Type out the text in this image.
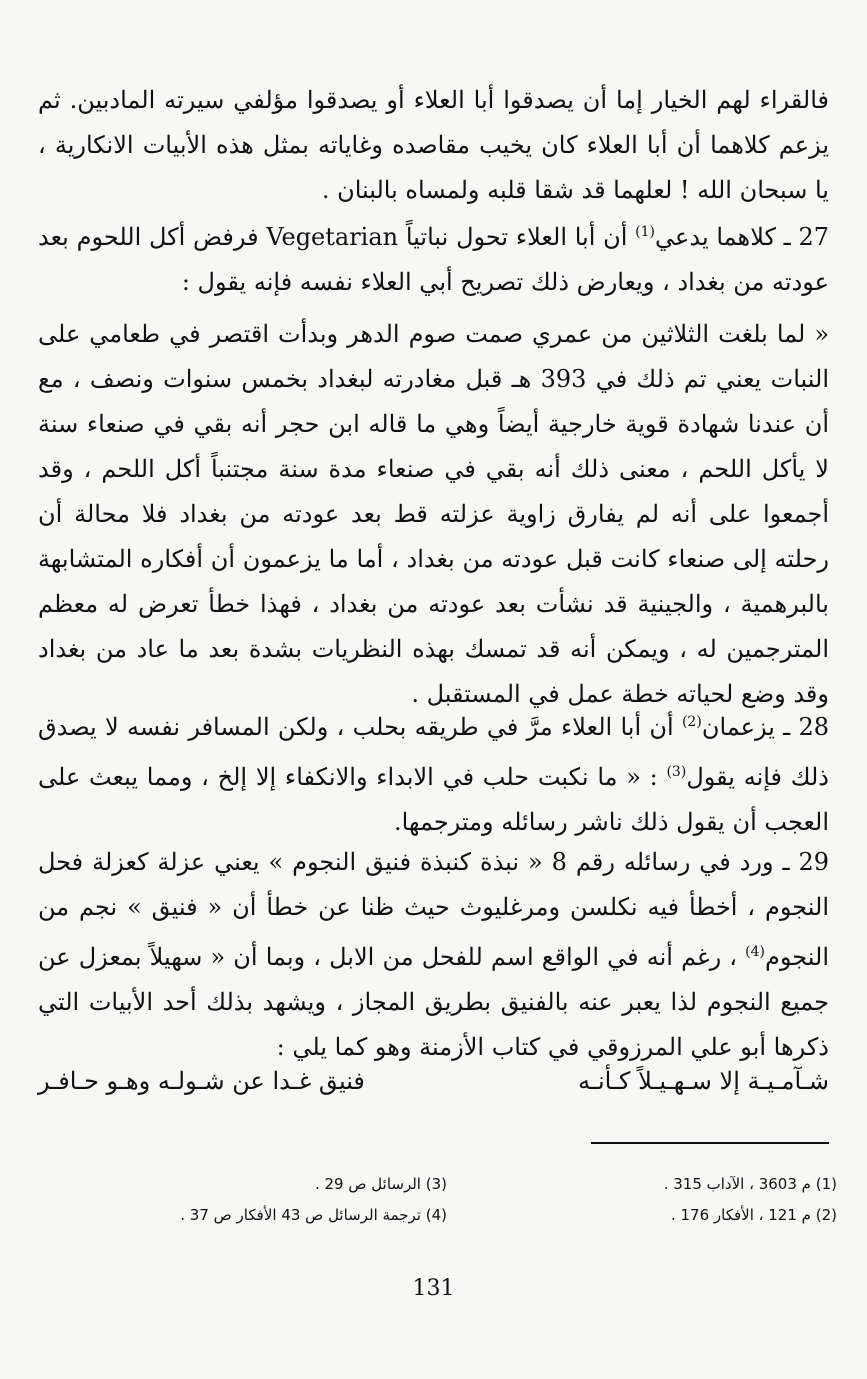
فالقراء لهم الخيار إما أن يصدقوا أبا العلاء أو يصدقوا مؤلفي سيرته المادبين. ثم يزعم كلاهما أن أبا العلاء كان يخيب مقاصده وغاياته بمثل هذه الأبيات الانكارية ، يا سبحان الله ! لعلهما قد شقا قلبه ولمساه بالبنان .

27 ـ كلاهما يدعي$^{(1)}$ أن أبا العلاء تحول نباتياً Vegetarian فرفض أكل اللحوم بعد عودته من بغداد ، ويعارض ذلك تصريح أبي العلاء نفسه فإنه يقول :

« لما بلغت الثلاثين من عمري صمت صوم الدهر وبدأت اقتصر في طعامي على النبات يعني تم ذلك في 393 هـ قبل مغادرته لبغداد بخمس سنوات ونصف ، مع أن عندنا شهادة قوية خارجية أيضاً وهي ما قاله ابن حجر أنه بقي في صنعاء سنة لا يأكل اللحم ، معنى ذلك أنه بقي في صنعاء مدة سنة مجتنباً أكل اللحم ، وقد أجمعوا على أنه لم يفارق زاوية عزلته قط بعد عودته من بغداد فلا محالة أن رحلته إلى صنعاء كانت قبل عودته من بغداد ، أما ما يزعمون أن أفكاره المتشابهة بالبرهمية ، والجينية قد نشأت بعد عودته من بغداد ، فهذا خطأ تعرض له معظم المترجمين له ، ويمكن أنه قد تمسك بهذه النظريات بشدة بعد ما عاد من بغداد وقد وضع لحياته خطة عمل في المستقبل .

28 ـ يزعمان$^{(2)}$ أن أبا العلاء مرَّ في طريقه بحلب ، ولكن المسافر نفسه لا يصدق ذلك فإنه يقول$^{(3)}$ : « ما نكبت حلب في الابداء والانكفاء إلا إلخ ، ومما يبعث على العجب أن يقول ذلك ناشر رسائله ومترجمها.

29 ـ ورد في رسائله رقم 8 « نبذة كنبذة فنيق النجوم » يعني عزلة كعزلة فحل النجوم ، أخطأ فيه نكلسن ومرغليوث حيث ظنا عن خطأ أن « فنيق » نجم من النجوم$^{(4)}$ ، رغم أنه في الواقع اسم للفحل من الابل ، وبما أن « سهيلاً بمعزل عن جميع النجوم لذا يعبر عنه بالفنيق بطريق المجاز ، ويشهد بذلك أحد الأبيات التي ذكرها أبو علي المرزوقي في كتاب الأزمنة وهو كما يلي :

شـآمـيـة إلا سـهـيـلاً كـأنـه
فنيق غـدا عن شـولـه وهـو حـافـر
(1) م 3603 ، الآداب 315 .
(2) م 121 ، الأفكار 176 .
(3) الرسائل ص 29 .
(4) ترجمة الرسائل ص 43 الأفكار ص 37 .
131
